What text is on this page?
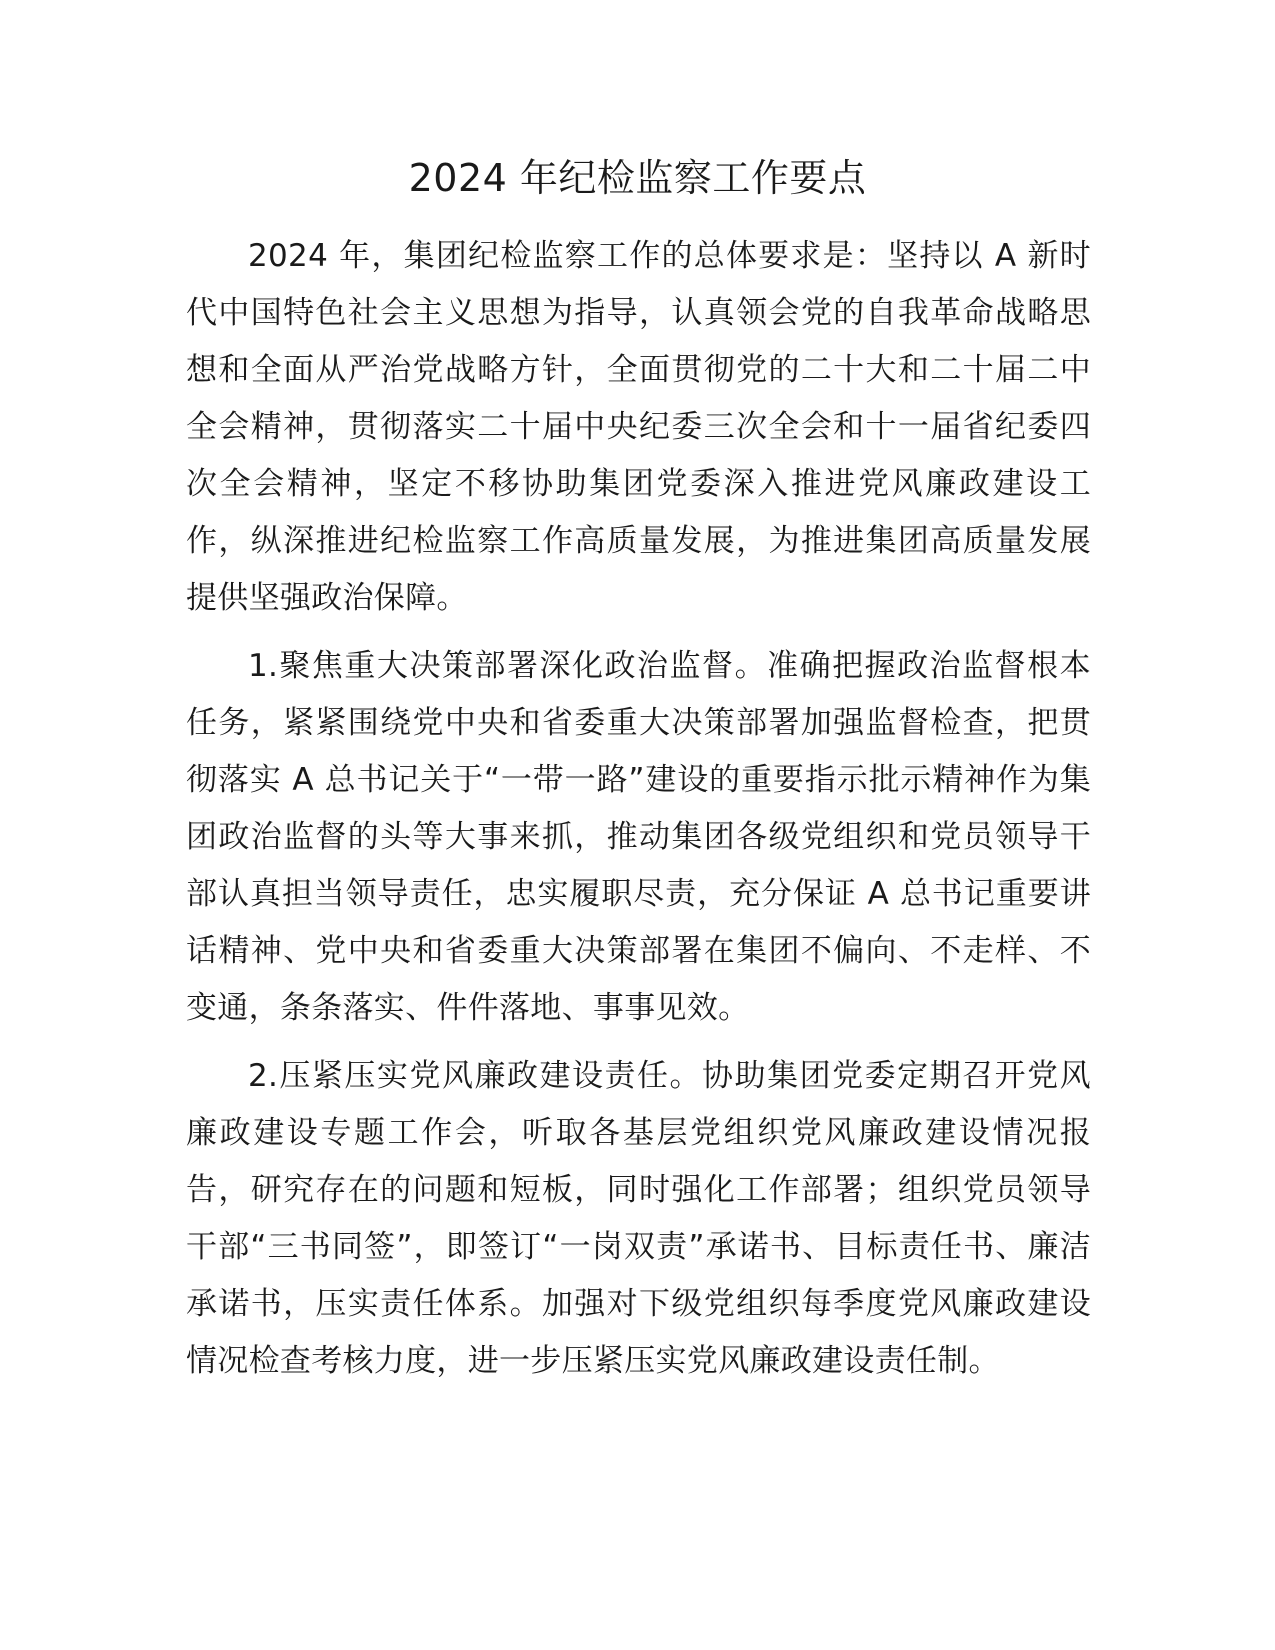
2024 年纪检监察工作要点

2024 年，集团纪检监察工作的总体要求是：坚持以 A 新时代中国特色社会主义思想为指导，认真领会党的自我革命战略思想和全面从严治党战略方针，全面贯彻党的二十大和二十届二中全会精神，贯彻落实二十届中央纪委三次全会和十一届省纪委四次全会精神，坚定不移协助集团党委深入推进党风廉政建设工作，纵深推进纪检监察工作高质量发展，为推进集团高质量发展提供坚强政治保障。

1.聚焦重大决策部署深化政治监督。准确把握政治监督根本任务，紧紧围绕党中央和省委重大决策部署加强监督检查，把贯彻落实 A 总书记关于“一带一路”建设的重要指示批示精神作为集团政治监督的头等大事来抓，推动集团各级党组织和党员领导干部认真担当领导责任，忠实履职尽责，充分保证 A 总书记重要讲话精神、党中央和省委重大决策部署在集团不偏向、不走样、不变通，条条落实、件件落地、事事见效。

2.压紧压实党风廉政建设责任。协助集团党委定期召开党风廉政建设专题工作会，听取各基层党组织党风廉政建设情况报告，研究存在的问题和短板，同时强化工作部署；组织党员领导干部“三书同签”，即签订“一岗双责”承诺书、目标责任书、廉洁承诺书，压实责任体系。加强对下级党组织每季度党风廉政建设情况检查考核力度，进一步压紧压实党风廉政建设责任制。
